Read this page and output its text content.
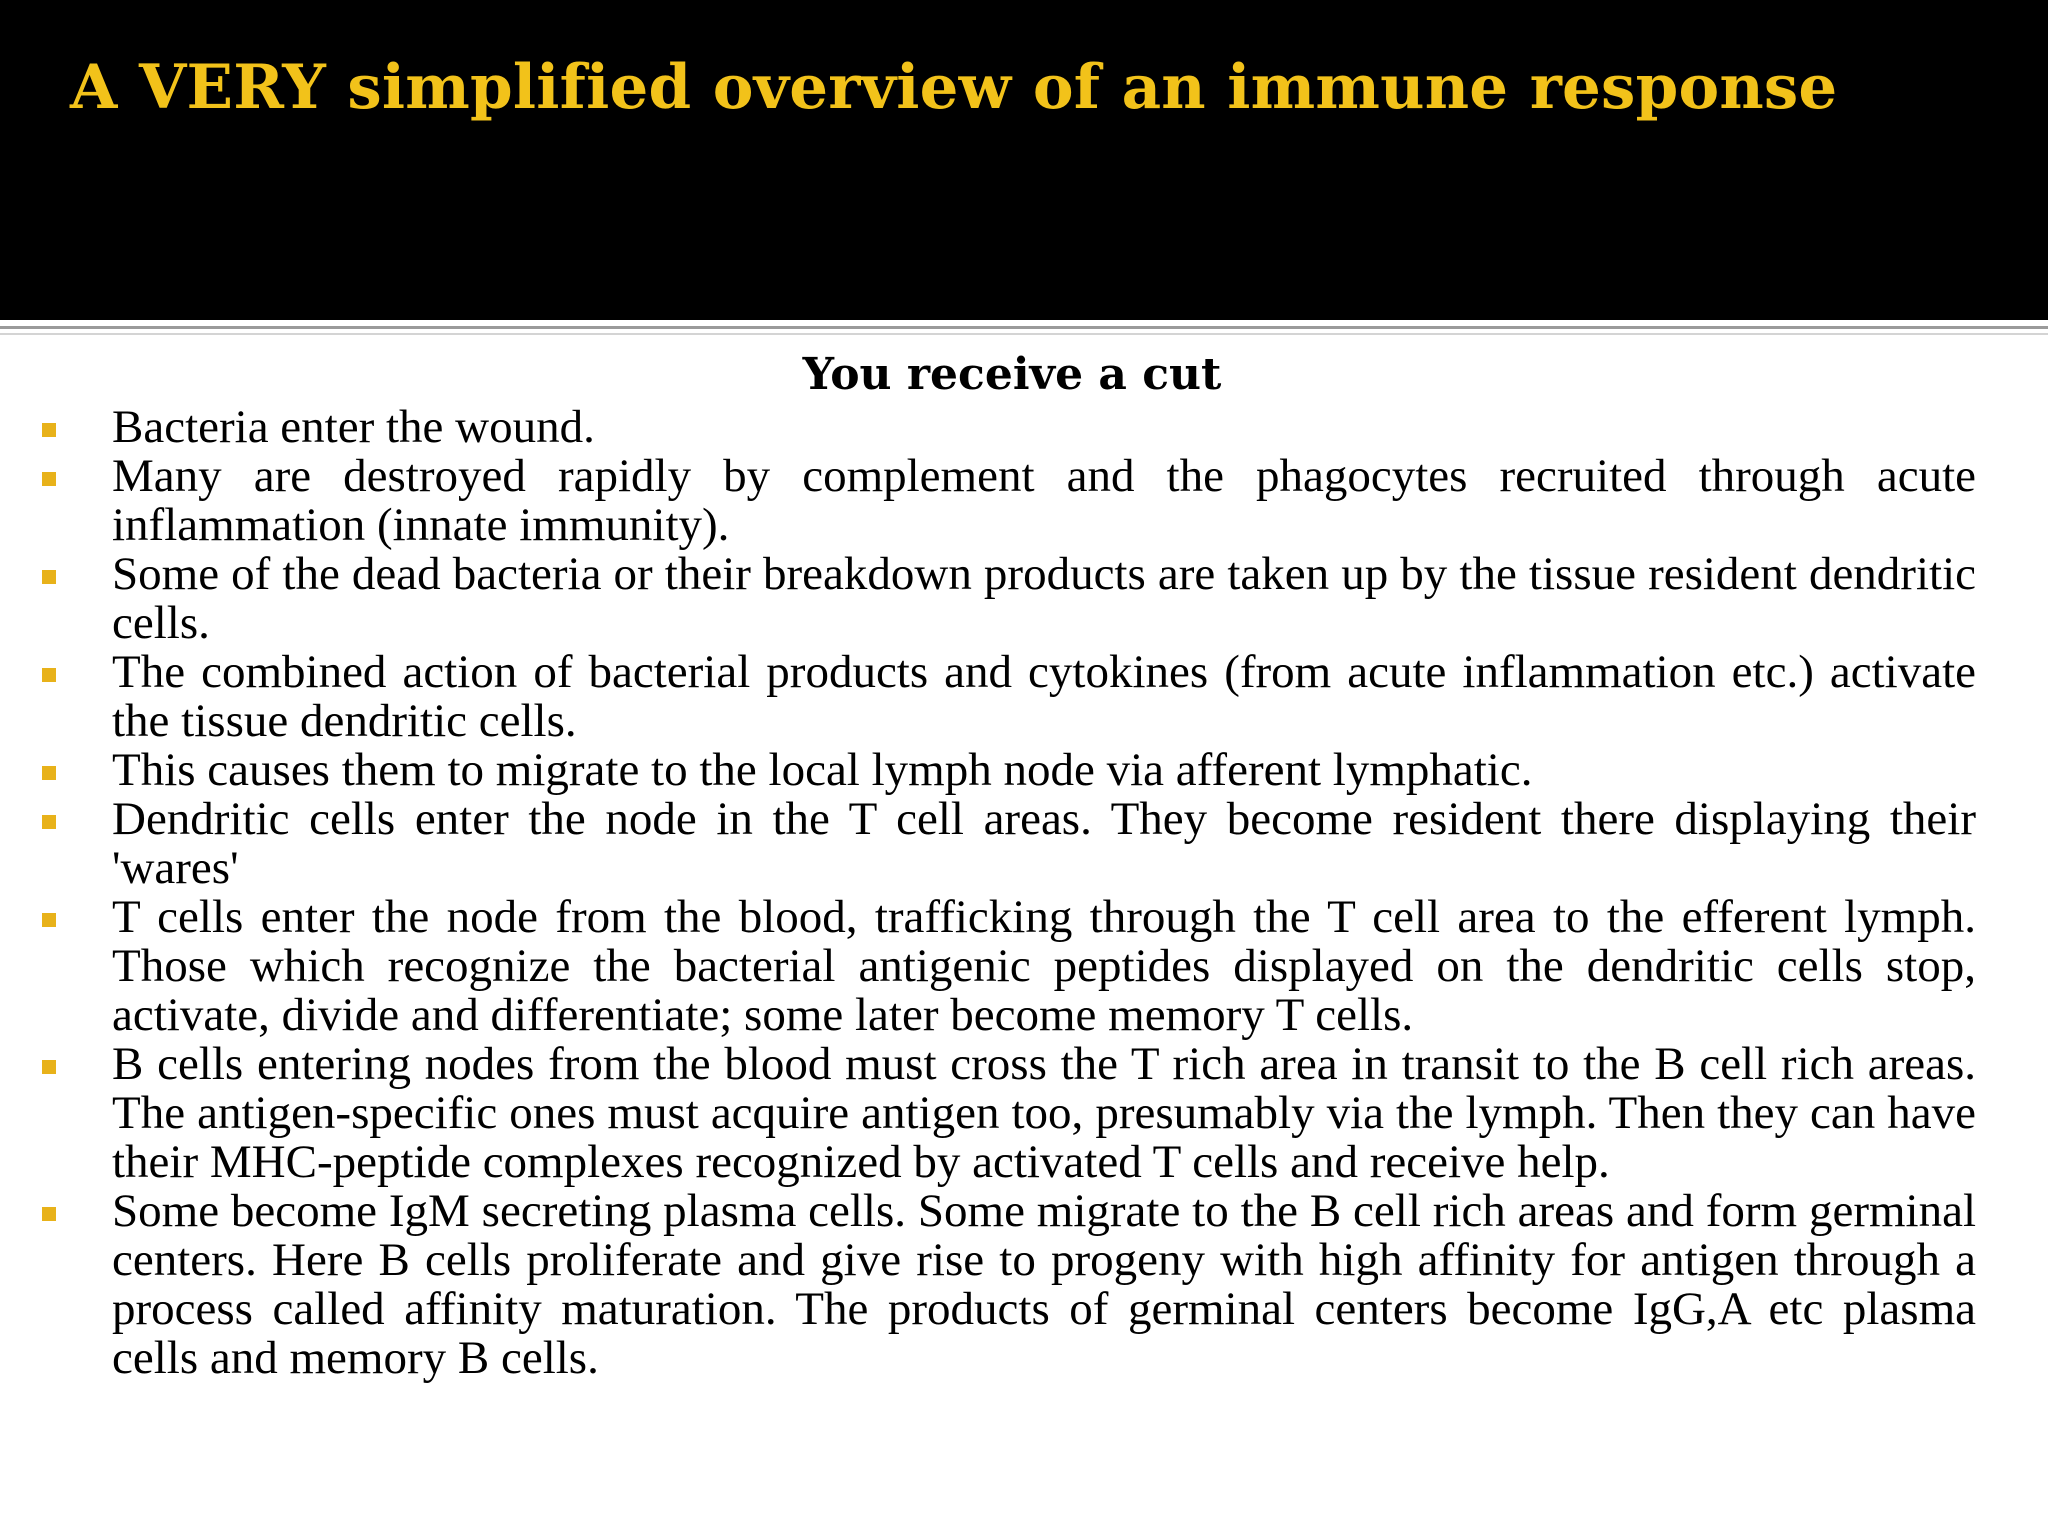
A VERY simplified overview of an immune response
You receive a cut
Bacteria enter the wound.
Many are destroyed rapidly by complement and the phagocytes recruited through acute inflammation (innate immunity).
Some of the dead bacteria or their breakdown products are taken up by the tissue resident dendritic cells.
The combined action of bacterial products and cytokines (from acute inflammation etc.) activate the tissue dendritic cells.
This causes them to migrate to the local lymph node via afferent lymphatic.
Dendritic cells enter the node in the T cell areas. They become resident there displaying their 'wares'
T cells enter the node from the blood, trafficking through the T cell area to the efferent lymph. Those which recognize the bacterial antigenic peptides displayed on the dendritic cells stop, activate, divide and differentiate; some later become memory T cells.
B cells entering nodes from the blood must cross the T rich area in transit to the B cell rich areas. The antigen-specific ones must acquire antigen too, presumably via the lymph. Then they can have their MHC-peptide complexes recognized by activated T cells and receive help.
Some become IgM secreting plasma cells. Some migrate to the B cell rich areas and form germinal centers. Here B cells proliferate and give rise to progeny with high affinity for antigen through a process called affinity maturation. The products of germinal centers become IgG,A etc plasma cells and memory B cells.
